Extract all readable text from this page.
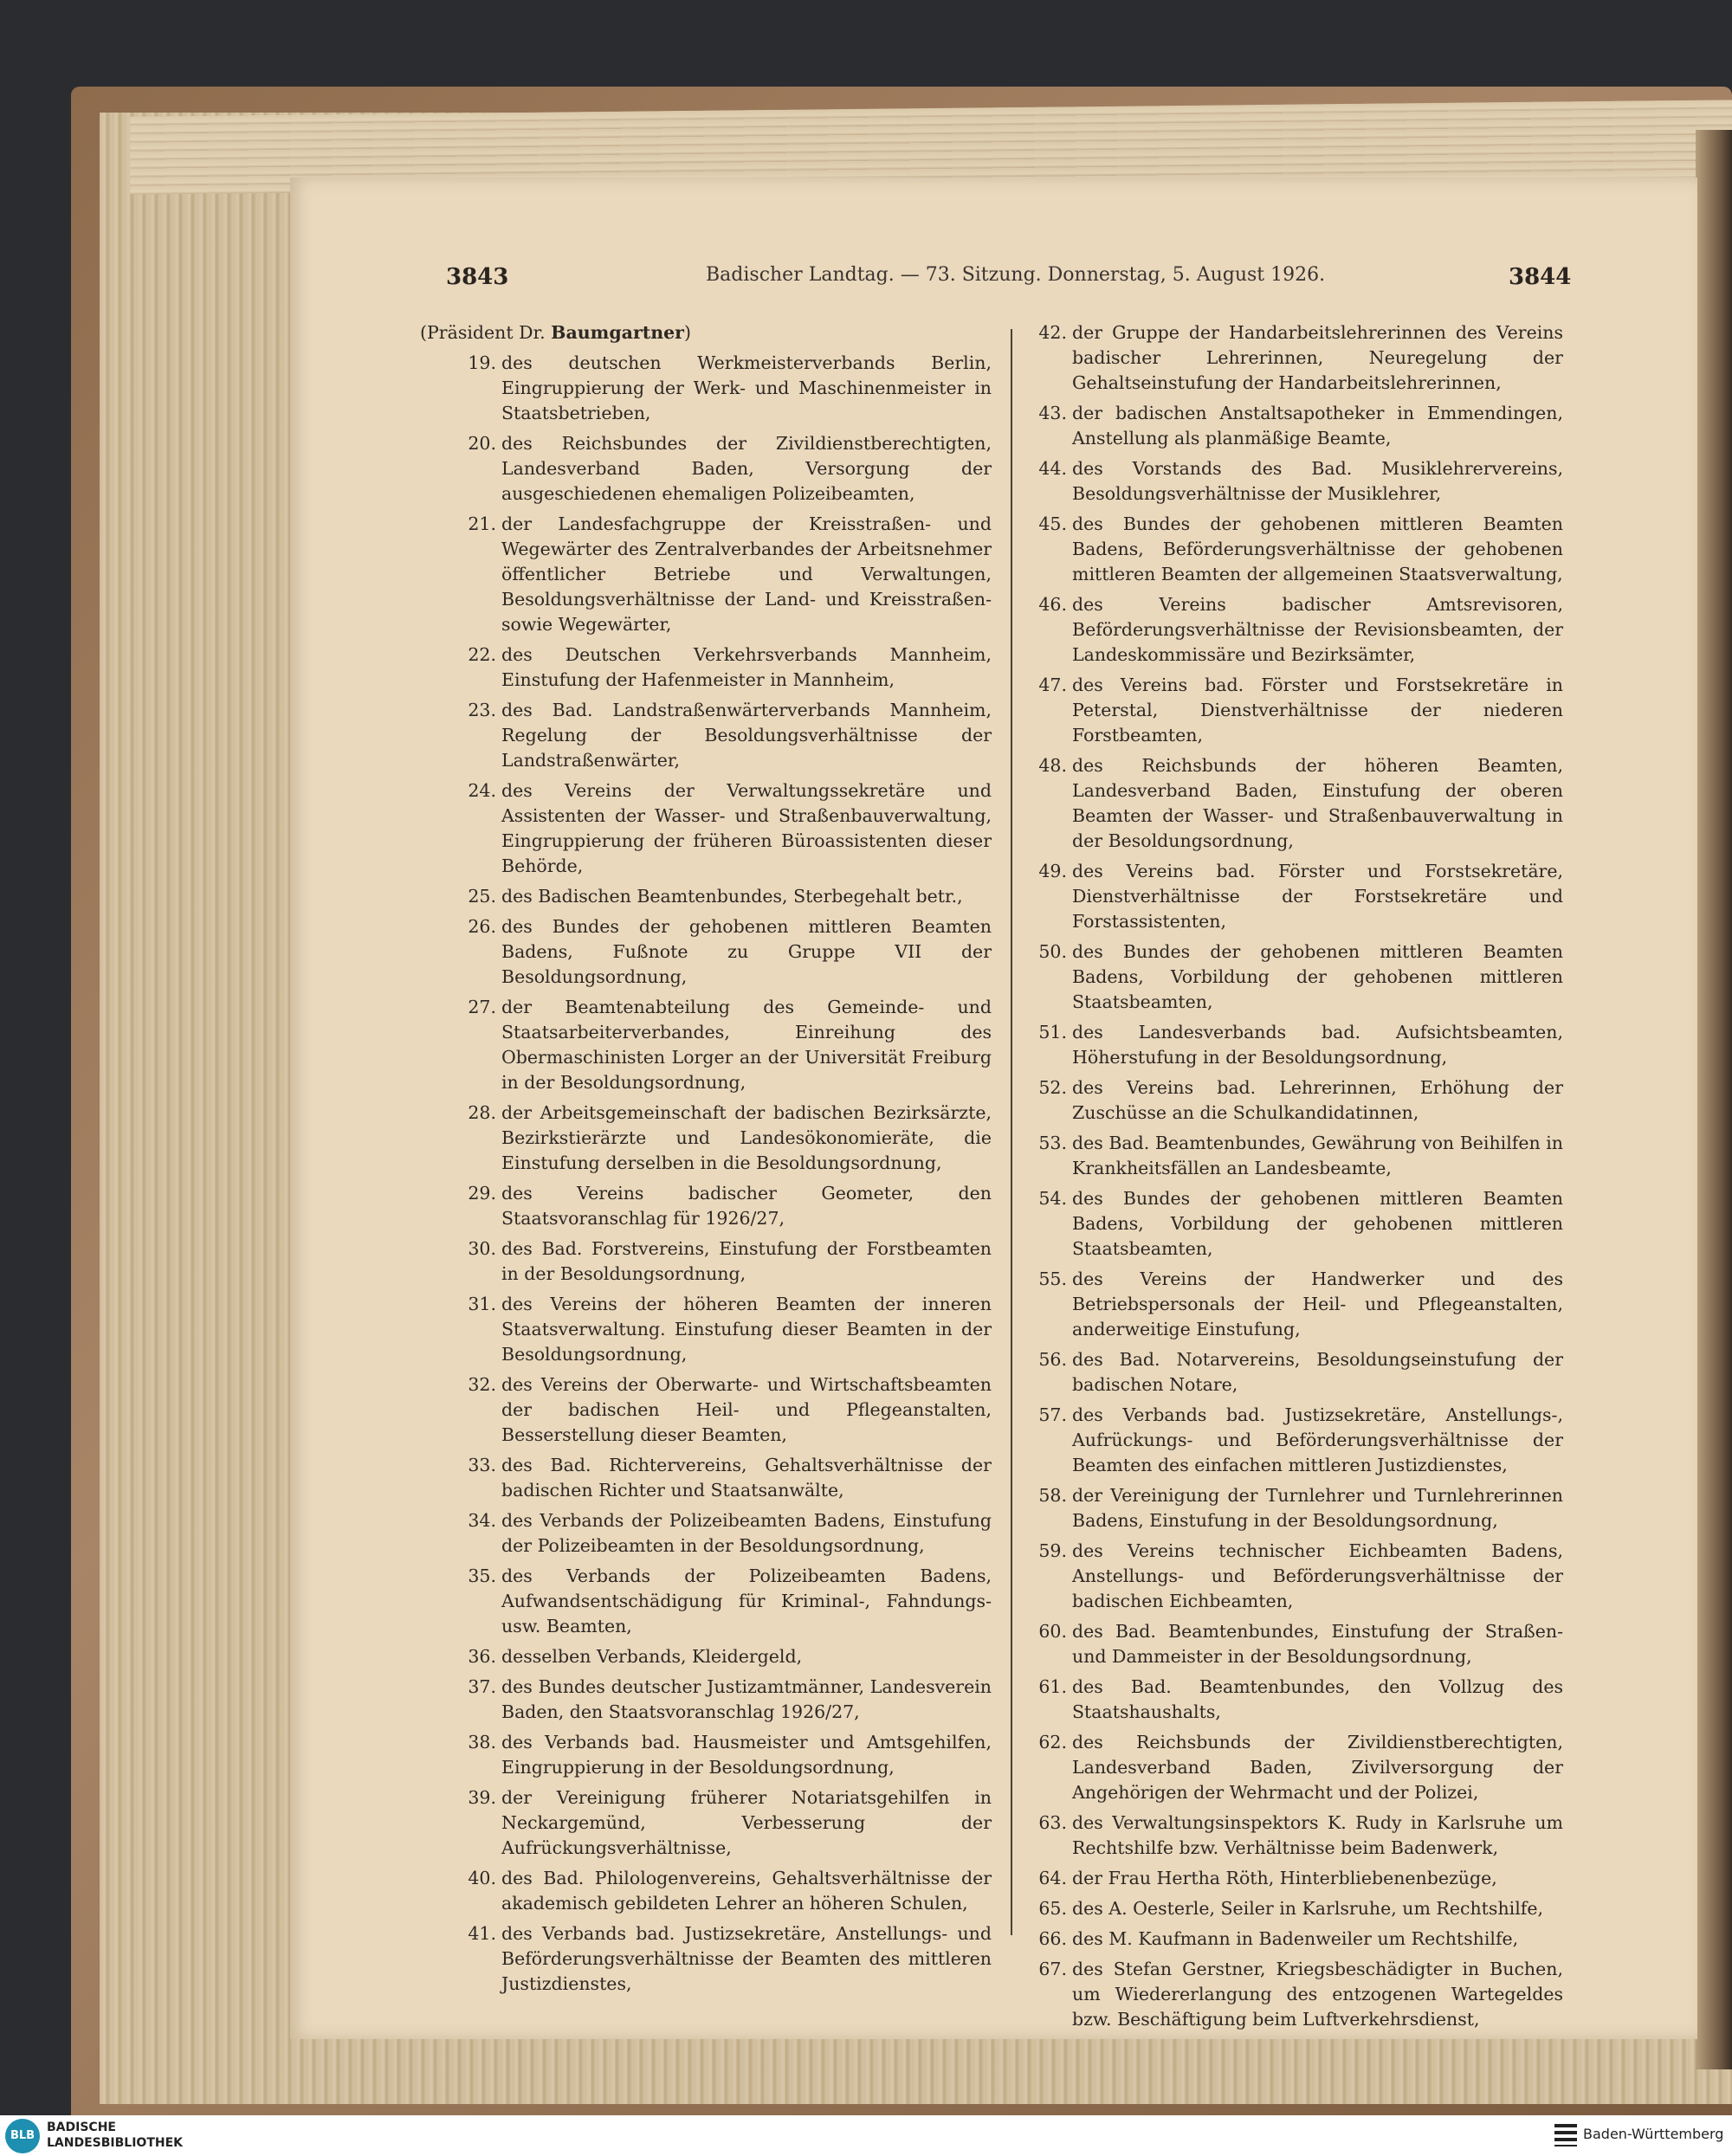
3843	Badischer Landtag. — 73. Sitzung. Donnerstag, 5. August 1926.	3844
(Präsident Dr. Baumgartner)
19. des deutschen Werkmeisterverbands Berlin, Eingruppierung der Werk- und Maschinenmeister in Staatsbetrieben,
20. des Reichsbundes der Zivildienstberechtigten, Landesverband Baden, Versorgung der ausgeschiedenen ehemaligen Polizeibeamten,
21. der Landesfachgruppe der Kreisstraßen- und Wegewärter des Zentralverbandes der Arbeitsnehmer öffentlicher Betriebe und Verwaltungen, Besoldungsverhältnisse der Land- und Kreisstraßen- sowie Wegewärter,
22. des Deutschen Verkehrsverbands Mannheim, Einstufung der Hafenmeister in Mannheim,
23. des Bad. Landstraßenwärterverbands Mannheim, Regelung der Besoldungsverhältnisse der Landstraßenwärter,
24. des Vereins der Verwaltungssekretäre und Assistenten der Wasser- und Straßenbauverwaltung, Eingruppierung der früheren Büroassistenten dieser Behörde,
25. des Badischen Beamtenbundes, Sterbegehalt betr.,
26. des Bundes der gehobenen mittleren Beamten Badens, Fußnote zu Gruppe VII der Besoldungsordnung,
27. der Beamtenabteilung des Gemeinde- und Staatsarbeiterverbandes, Einreihung des Obermaschinisten Lorger an der Universität Freiburg in der Besoldungsordnung,
28. der Arbeitsgemeinschaft der badischen Bezirksärzte, Bezirkstierärzte und Landesökonomieräte, die Einstufung derselben in die Besoldungsordnung,
29. des Vereins badischer Geometer, den Staatsvoranschlag für 1926/27,
30. des Bad. Forstvereins, Einstufung der Forstbeamten in der Besoldungsordnung,
31. des Vereins der höheren Beamten der inneren Staatsverwaltung. Einstufung dieser Beamten in der Besoldungsordnung,
32. des Vereins der Oberwarte- und Wirtschaftsbeamten der badischen Heil- und Pflegeanstalten, Besserstellung dieser Beamten,
33. des Bad. Richtervereins, Gehaltsverhältnisse der badischen Richter und Staatsanwälte,
34. des Verbands der Polizeibeamten Badens, Einstufung der Polizeibeamten in der Besoldungsordnung,
35. des Verbands der Polizeibeamten Badens, Aufwandsentschädigung für Kriminal-, Fahndungs- usw. Beamten,
36. desselben Verbands, Kleidergeld,
37. des Bundes deutscher Justizamtmänner, Landesverein Baden, den Staatsvoranschlag 1926/27,
38. des Verbands bad. Hausmeister und Amtsgehilfen, Eingruppierung in der Besoldungsordnung,
39. der Vereinigung früherer Notariatsgehilfen in Neckargemünd, Verbesserung der Aufrückungsverhältnisse,
40. des Bad. Philologenvereins, Gehaltsverhältnisse der akademisch gebildeten Lehrer an höheren Schulen,
41. des Verbands bad. Justizsekretäre, Anstellungs- und Beförderungsverhältnisse der Beamten des mittleren Justizdienstes,
42. der Gruppe der Handarbeitslehrerinnen des Vereins badischer Lehrerinnen, Neuregelung der Gehaltseinstufung der Handarbeitslehrerinnen,
43. der badischen Anstaltsapotheker in Emmendingen, Anstellung als planmäßige Beamte,
44. des Vorstands des Bad. Musiklehrervereins, Besoldungsverhältnisse der Musiklehrer,
45. des Bundes der gehobenen mittleren Beamten Badens, Beförderungsverhältnisse der gehobenen mittleren Beamten der allgemeinen Staatsverwaltung,
46. des Vereins badischer Amtsrevisoren, Beförderungsverhältnisse der Revisionsbeamten, der Landeskommissäre und Bezirksämter,
47. des Vereins bad. Förster und Forstsekretäre in Peterstal, Dienstverhältnisse der niederen Forstbeamten,
48. des Reichsbunds der höheren Beamten, Landesverband Baden, Einstufung der oberen Beamten der Wasser- und Straßenbauverwaltung in der Besoldungsordnung,
49. des Vereins bad. Förster und Forstsekretäre, Dienstverhältnisse der Forstsekretäre und Forstassistenten,
50. des Bundes der gehobenen mittleren Beamten Badens, Vorbildung der gehobenen mittleren Staatsbeamten,
51. des Landesverbands bad. Aufsichtsbeamten, Höherstufung in der Besoldungsordnung,
52. des Vereins bad. Lehrerinnen, Erhöhung der Zuschüsse an die Schulkandidatinnen,
53. des Bad. Beamtenbundes, Gewährung von Beihilfen in Krankheitsfällen an Landesbeamte,
54. des Bundes der gehobenen mittleren Beamten Badens, Vorbildung der gehobenen mittleren Staatsbeamten,
55. des Vereins der Handwerker und des Betriebspersonals der Heil- und Pflegeanstalten, anderweitige Einstufung,
56. des Bad. Notarvereins, Besoldungseinstufung der badischen Notare,
57. des Verbands bad. Justizsekretäre, Anstellungs-, Aufrückungs- und Beförderungsverhältnisse der Beamten des einfachen mittleren Justizdienstes,
58. der Vereinigung der Turnlehrer und Turnlehrerinnen Badens, Einstufung in der Besoldungsordnung,
59. des Vereins technischer Eichbeamten Badens, Anstellungs- und Beförderungsverhältnisse der badischen Eichbeamten,
60. des Bad. Beamtenbundes, Einstufung der Straßen- und Dammeister in der Besoldungsordnung,
61. des Bad. Beamtenbundes, den Vollzug des Staatshaushalts,
62. des Reichsbunds der Zivildienstberechtigten, Landesverband Baden, Zivilversorgung der Angehörigen der Wehrmacht und der Polizei,
63. des Verwaltungsinspektors K. Rudy in Karlsruhe um Rechtshilfe bzw. Verhältnisse beim Badenwerk,
64. der Frau Hertha Röth, Hinterbliebenenbezüge,
65. des A. Oesterle, Seiler in Karlsruhe, um Rechtshilfe,
66. des M. Kaufmann in Badenweiler um Rechtshilfe,
67. des Stefan Gerstner, Kriegsbeschädigter in Buchen, um Wiedererlangung des entzogenen Wartegeldes bzw. Beschäftigung beim Luftverkehrsdienst,
BLB
BADISCHE
LANDESBIBLIOTHEK
Baden-Württemberg
